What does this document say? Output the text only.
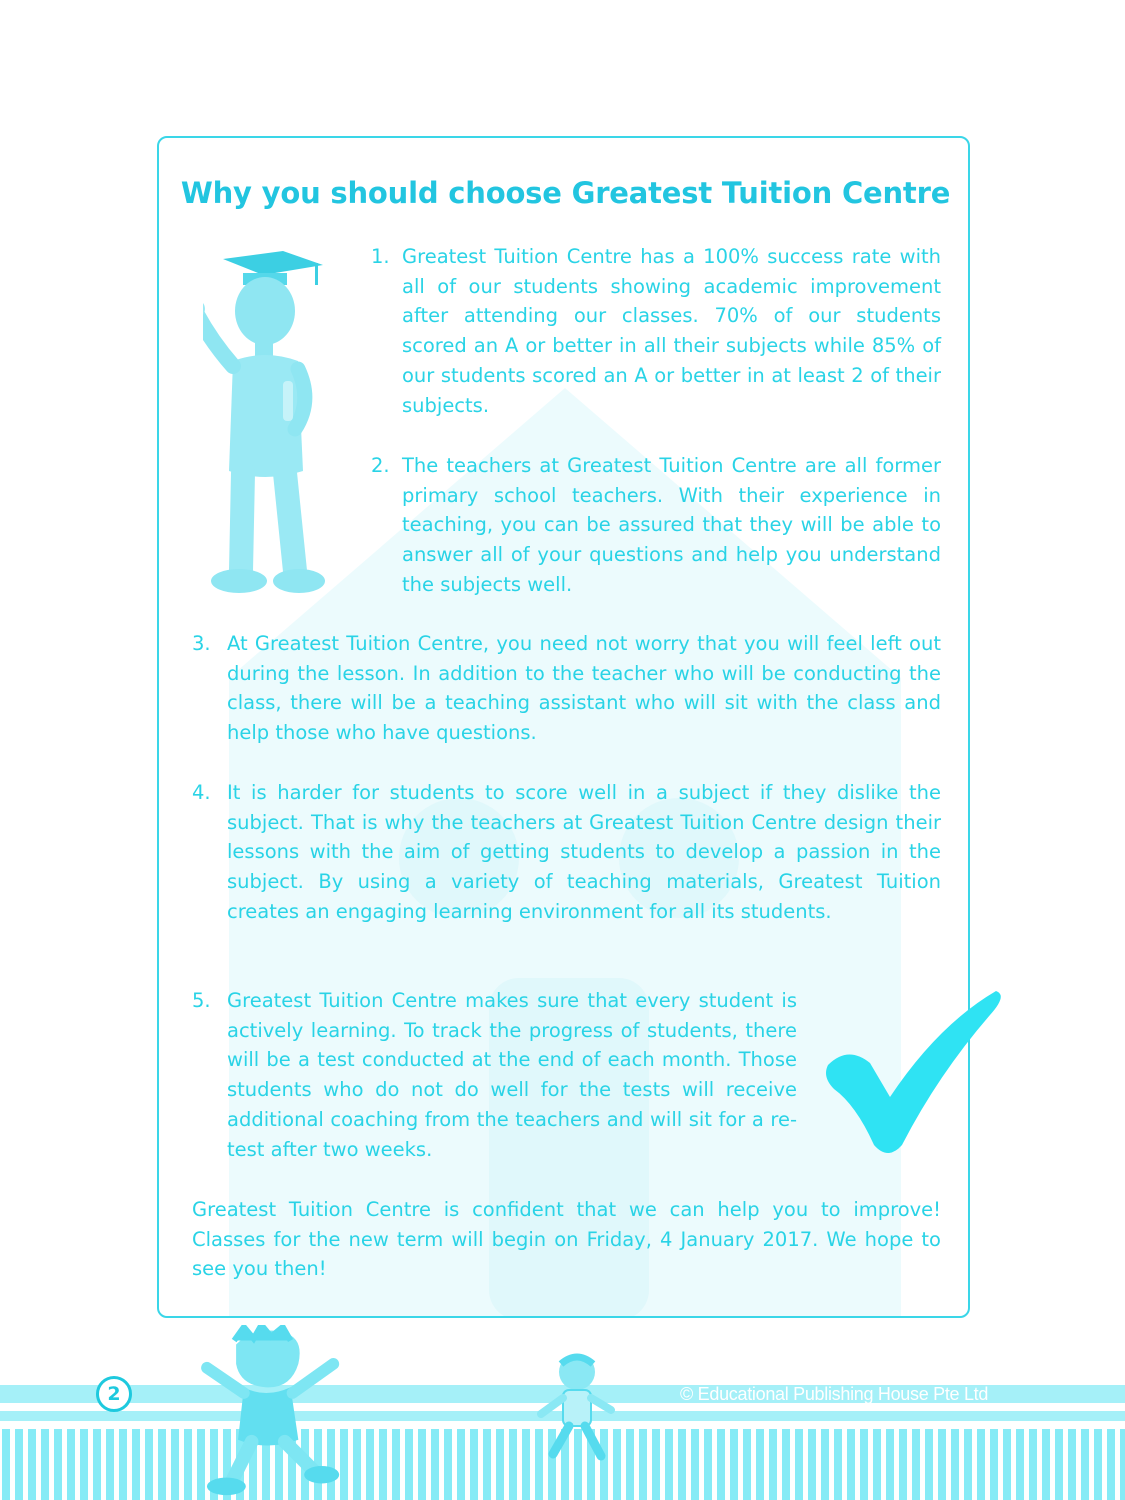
Why you should choose Greatest Tuition Centre
1. Greatest Tuition Centre has a 100% success rate with all of our students showing academic improvement after attending our classes. 70% of our students scored an A or better in all their subjects while 85% of our students scored an A or better in at least 2 of their subjects.
2. The teachers at Greatest Tuition Centre are all former primary school teachers. With their experience in teaching, you can be assured that they will be able to answer all of your questions and help you understand the subjects well.
3. At Greatest Tuition Centre, you need not worry that you will feel left out during the lesson. In addition to the teacher who will be conducting the class, there will be a teaching assistant who will sit with the class and help those who have questions.
4. It is harder for students to score well in a subject if they dislike the subject. That is why the teachers at Greatest Tuition Centre design their lessons with the aim of getting students to develop a passion in the subject. By using a variety of teaching materials, Greatest Tuition creates an engaging learning environment for all its students.
5. Greatest Tuition Centre makes sure that every student is actively learning. To track the progress of students, there will be a test conducted at the end of each month. Those students who do not do well for the tests will receive additional coaching from the teachers and will sit for a re-test after two weeks.

Greatest Tuition Centre is confident that we can help you to improve! Classes for the new term will begin on Friday, 4 January 2017. We hope to see you then!

2	© Educational Publishing House Pte Ltd
